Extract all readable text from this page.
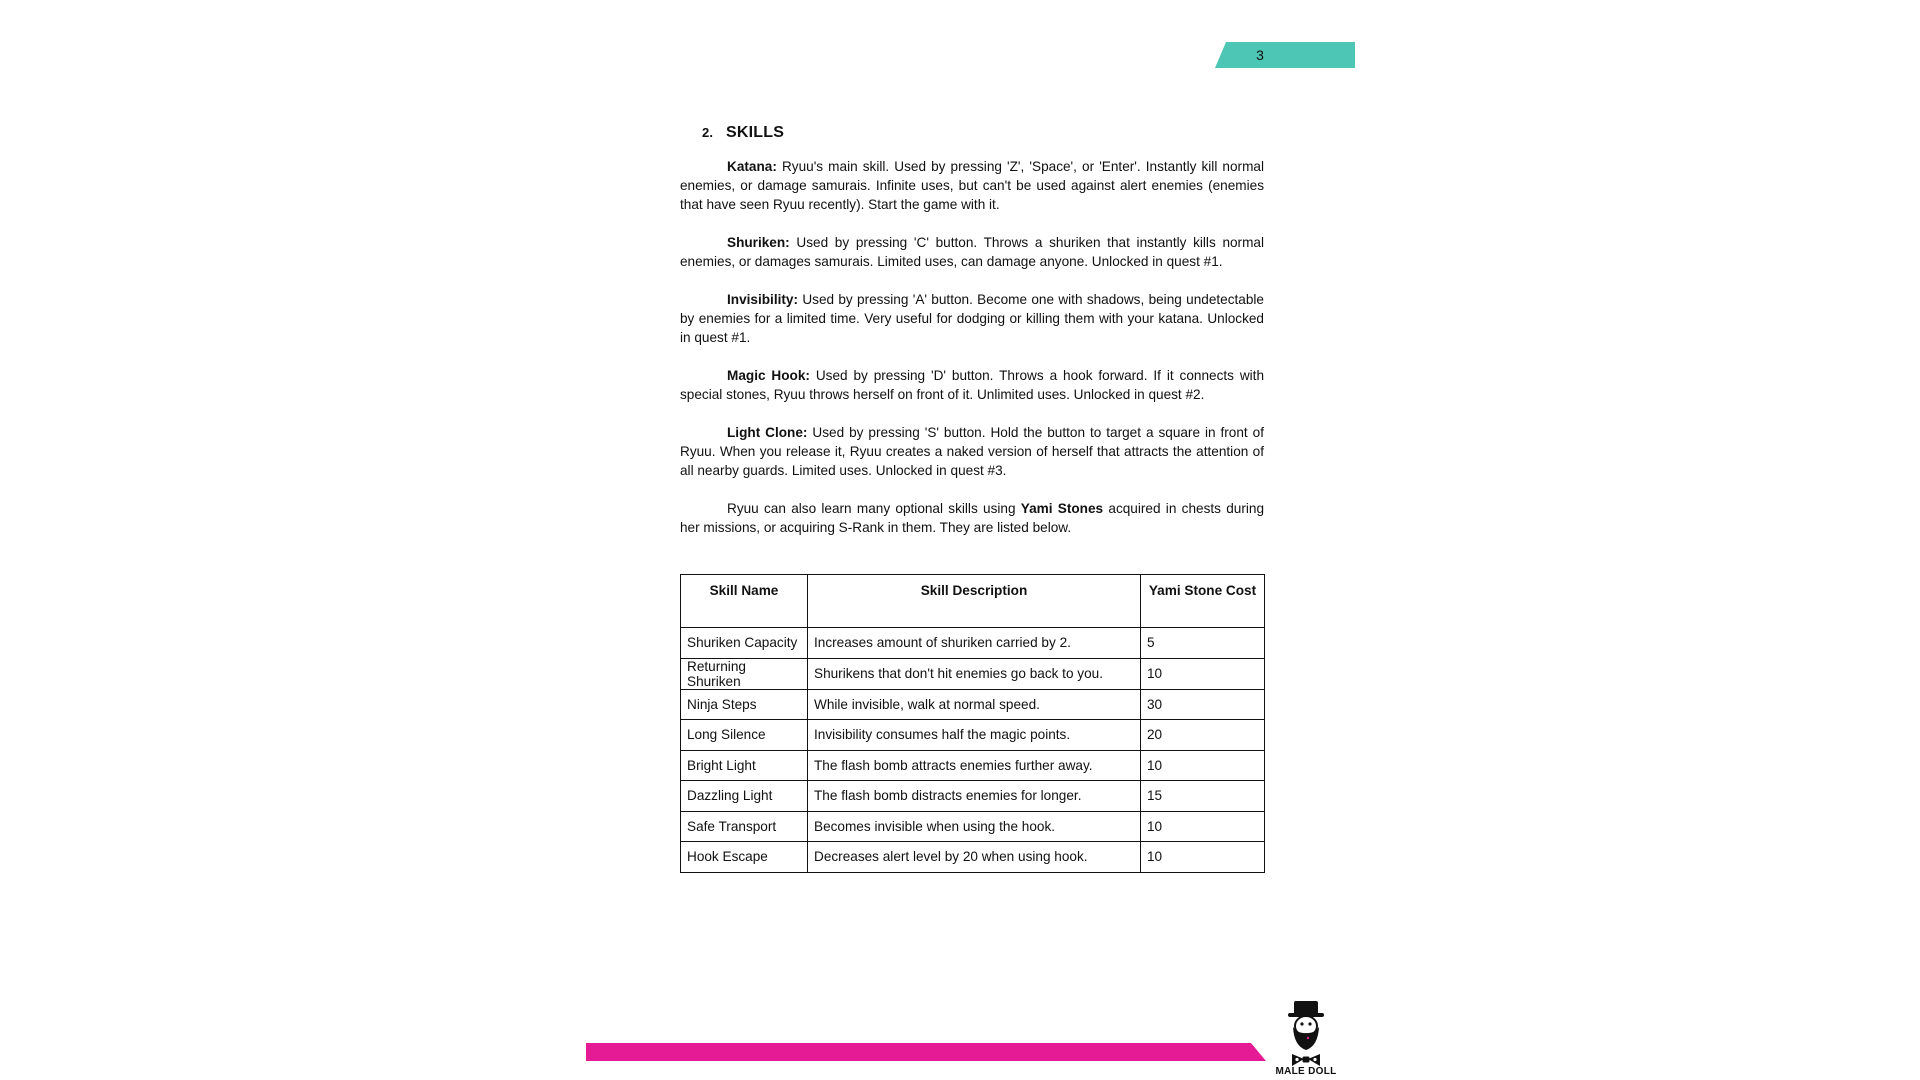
3
2. SKILLS

Katana: Ryuu's main skill. Used by pressing 'Z', 'Space', or 'Enter'. Instantly kill normal enemies, or damage samurais. Infinite uses, but can't be used against alert enemies (enemies that have seen Ryuu recently). Start the game with it.

Shuriken: Used by pressing 'C' button. Throws a shuriken that instantly kills normal enemies, or damages samurais. Limited uses, can damage anyone. Unlocked in quest #1.

Invisibility: Used by pressing 'A' button. Become one with shadows, being undetectable by enemies for a limited time. Very useful for dodging or killing them with your katana. Unlocked in quest #1.

Magic Hook: Used by pressing 'D' button. Throws a hook forward. If it connects with special stones, Ryuu throws herself on front of it. Unlimited uses. Unlocked in quest #2.

Light Clone: Used by pressing 'S' button. Hold the button to target a square in front of Ryuu. When you release it, Ryuu creates a naked version of herself that attracts the attention of all nearby guards. Limited uses. Unlocked in quest #3.

Ryuu can also learn many optional skills using Yami Stones acquired in chests during her missions, or acquiring S-Rank in them. They are listed below.

Skill Name	Skill Description	Yami Stone Cost
Shuriken Capacity	Increases amount of shuriken carried by 2.	5
Returning Shuriken	Shurikens that don't hit enemies go back to you.	10
Ninja Steps	While invisible, walk at normal speed.	30
Long Silence	Invisibility consumes half the magic points.	20
Bright Light	The flash bomb attracts enemies further away.	10
Dazzling Light	The flash bomb distracts enemies for longer.	15
Safe Transport	Becomes invisible when using the hook.	10
Hook Escape	Decreases alert level by 20 when using hook.	10
MALE DOLL
